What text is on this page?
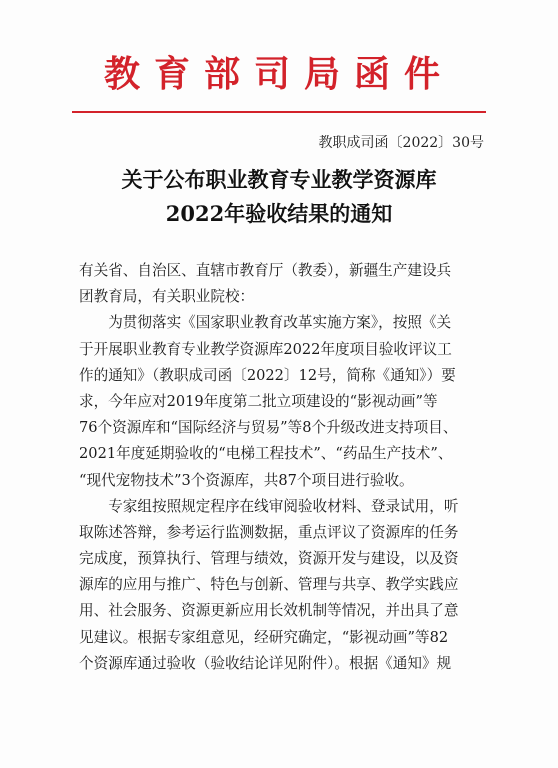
教育部司局函件
教职成司函〔2022〕30号
关于公布职业教育专业教学资源库
2022年验收结果的通知
有关省、自治区、直辖市教育厅（教委），新疆生产建设兵
团教育局，有关职业院校：
　　为贯彻落实《国家职业教育改革实施方案》，按照《关
于开展职业教育专业教学资源库2022年度项目验收评议工
作的通知》（教职成司函〔2022〕12号，简称《通知》）要
求，今年应对2019年度第二批立项建设的“影视动画”等
76个资源库和“国际经济与贸易”等8个升级改进支持项目、
2021年度延期验收的“电梯工程技术”、“药品生产技术”、
“现代宠物技术”3个资源库，共87个项目进行验收。
　　专家组按照规定程序在线审阅验收材料、登录试用，听
取陈述答辩，参考运行监测数据，重点评议了资源库的任务
完成度，预算执行、管理与绩效，资源开发与建设，以及资
源库的应用与推广、特色与创新、管理与共享、教学实践应
用、社会服务、资源更新应用长效机制等情况，并出具了意
见建议。根据专家组意见，经研究确定，“影视动画”等82
个资源库通过验收（验收结论详见附件）。根据《通知》规
